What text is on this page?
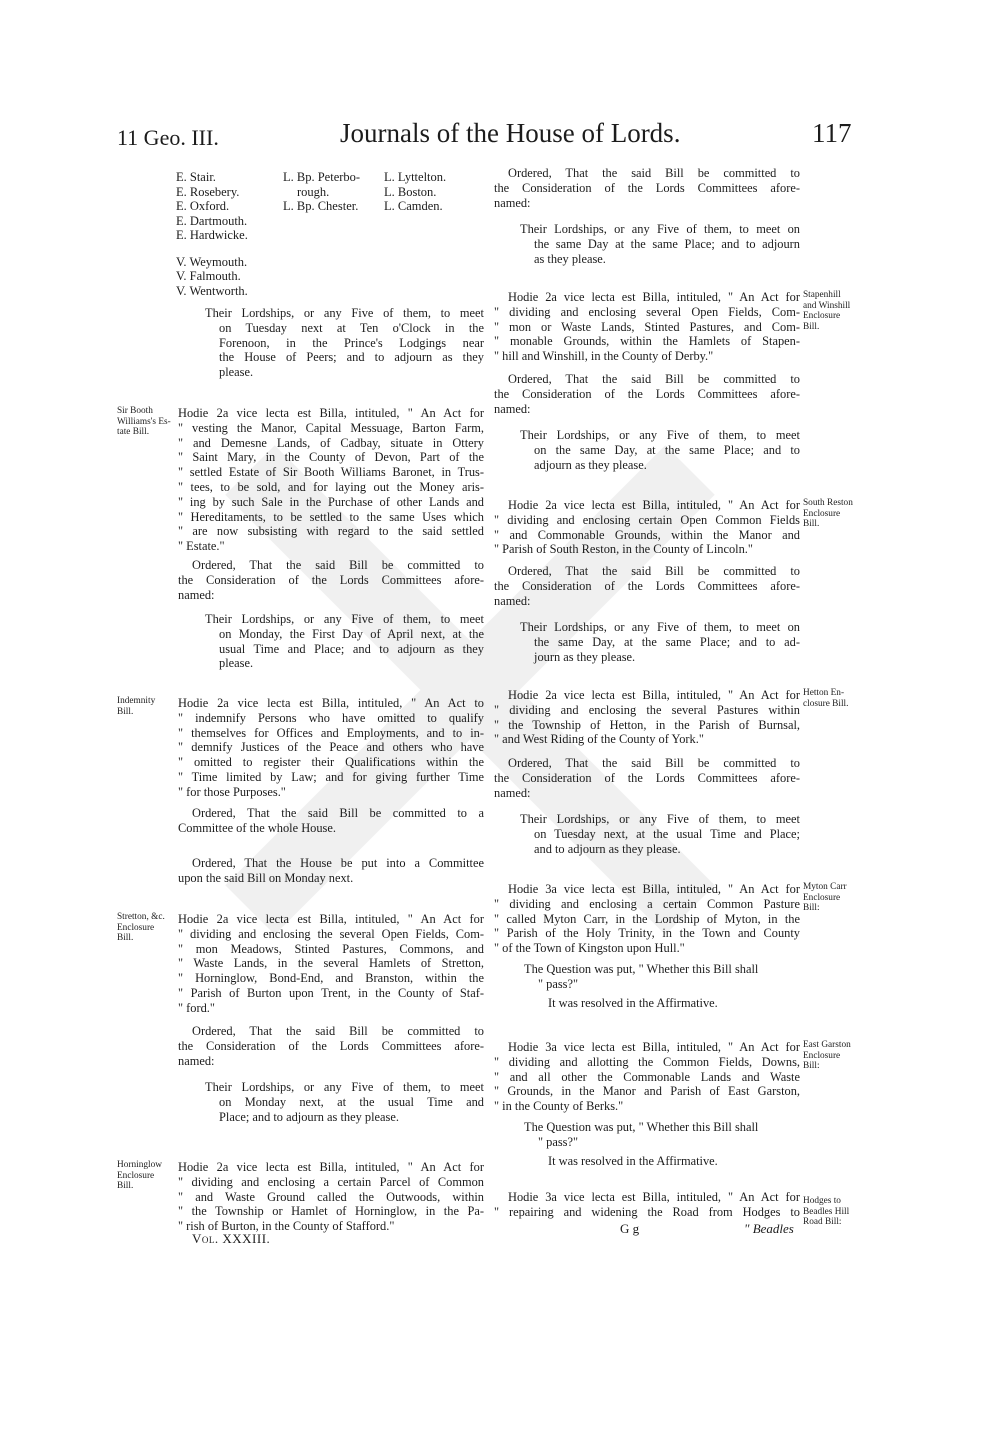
11 Geo. III.	Journals of the House of Lords.	117
E. Stair.
E. Rosebery.
E. Oxford.
E. Dartmouth.
E. Hardwicke.
V. Weymouth.
V. Falmouth.
V. Wentworth.
L. Bp. Peterbo-
rough.
L. Bp. Chester.
L. Lyttelton.
L. Boston.
L. Camden.
Their Lordships, or any Five of them, to meet
on Tuesday next at Ten o'Clock in the
Forenoon, in the Prince's Lodgings near
the House of Peers; and to adjourn as they
please.
Sir Booth
Williams's Es-
tate Bill.
Hodie 2a vice lecta est Billa, intituled, " An Act for
" vesting the Manor, Capital Messuage, Barton Farm,
" and Demesne Lands, of Cadbay, situate in Ottery
" Saint Mary, in the County of Devon, Part of the
" settled Estate of Sir Booth Williams Baronet, in Trus-
" tees, to be sold, and for laying out the Money aris-
" ing by such Sale in the Purchase of other Lands and
" Hereditaments, to be settled to the same Uses which
" are now subsisting with regard to the said settled
" Estate."
Ordered, That the said Bill be committed to
the Consideration of the Lords Committees afore-
named:
Their Lordships, or any Five of them, to meet
on Monday, the First Day of April next, at the
usual Time and Place; and to adjourn as they
please.
Indemnity
Bill.
Hodie 2a vice lecta est Billa, intituled, " An Act to
" indemnify Persons who have omitted to qualify
" themselves for Offices and Employments, and to in-
" demnify Justices of the Peace and others who have
" omitted to register their Qualifications within the
" Time limited by Law; and for giving further Time
" for those Purposes."
Ordered, That the said Bill be committed to a
Committee of the whole House.
Ordered, That the House be put into a Committee
upon the said Bill on Monday next.
Stretton, &c.
Enclosure
Bill.
Hodie 2a vice lecta est Billa, intituled, " An Act for
" dividing and enclosing the several Open Fields, Com-
" mon Meadows, Stinted Pastures, Commons, and
" Waste Lands, in the several Hamlets of Stretton,
" Horninglow, Bond-End, and Branston, within the
" Parish of Burton upon Trent, in the County of Staf-
" ford."
Ordered, That the said Bill be committed to
the Consideration of the Lords Committees afore-
named:
Their Lordships, or any Five of them, to meet
on Monday next, at the usual Time and
Place; and to adjourn as they please.
Horninglow
Enclosure
Bill.
Hodie 2a vice lecta est Billa, intituled, " An Act for
" dividing and enclosing a certain Parcel of Common
" and Waste Ground called the Outwoods, within
" the Township or Hamlet of Horninglow, in the Pa-
" rish of Burton, in the County of Stafford."
Vol. XXXIII.
Ordered, That the said Bill be committed to
the Consideration of the Lords Committees afore-
named:
Their Lordships, or any Five of them, to meet on
the same Day at the same Place; and to adjourn
as they please.
Stapenhill
and Winshill
Enclosure
Bill.
Hodie 2a vice lecta est Billa, intituled, " An Act for
" dividing and enclosing several Open Fields, Com-
" mon or Waste Lands, Stinted Pastures, and Com-
" monable Grounds, within the Hamlets of Stapen-
" hill and Winshill, in the County of Derby."
Ordered, That the said Bill be committed to
the Consideration of the Lords Committees afore-
named:
Their Lordships, or any Five of them, to meet
on the same Day, at the same Place; and to
adjourn as they please.
South Reston
Enclosure
Bill.
Hodie 2a vice lecta est Billa, intituled, " An Act for
" dividing and enclosing certain Open Common Fields
" and Commonable Grounds, within the Manor and
" Parish of South Reston, in the County of Lincoln."
Ordered, That the said Bill be committed to
the Consideration of the Lords Committees afore-
named:
Their Lordships, or any Five of them, to meet on
the same Day, at the same Place; and to ad-
journ as they please.
Hetton En-
closure Bill.
Hodie 2a vice lecta est Billa, intituled, " An Act for
" dividing and enclosing the several Pastures within
" the Township of Hetton, in the Parish of Burnsal,
" and West Riding of the County of York."
Ordered, That the said Bill be committed to
the Consideration of the Lords Committees afore-
named:
Their Lordships, or any Five of them, to meet
on Tuesday next, at the usual Time and Place;
and to adjourn as they please.
Myton Carr
Enclosure
Bill:
Hodie 3a vice lecta est Billa, intituled, " An Act for
" dividing and enclosing a certain Common Pasture
" called Myton Carr, in the Lordship of Myton, in the
" Parish of the Holy Trinity, in the Town and County
" of the Town of Kingston upon Hull."
The Question was put, " Whether this Bill shall
" pass?"
It was resolved in the Affirmative.
East Garston
Enclosure
Bill:
Hodie 3a vice lecta est Billa, intituled, " An Act for
" dividing and allotting the Common Fields, Downs,
" and all other the Commonable Lands and Waste
" Grounds, in the Manor and Parish of East Garston,
" in the County of Berks."
The Question was put, " Whether this Bill shall
" pass?"
It was resolved in the Affirmative.
Hodges to
Beadles Hill
Road Bill:
Hodie 3a vice lecta est Billa, intituled, " An Act for
" repairing and widening the Road from Hodges to
G g	" Beadles
